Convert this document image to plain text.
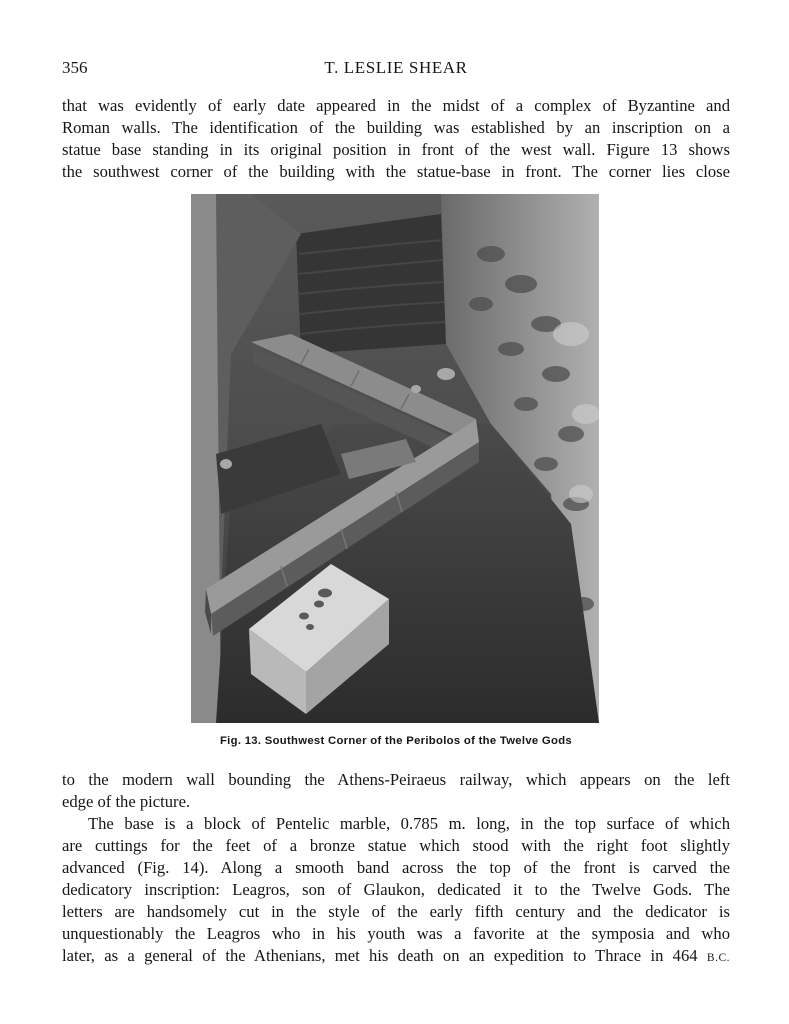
356	T. LESLIE SHEAR

that was evidently of early date appeared in the midst of a complex of Byzantine and
Roman walls. The identification of the building was established by an inscription on a
statue base standing in its original position in front of the west wall. Figure 13 shows
the southwest corner of the building with the statue-base in front. The corner lies close

Fig. 13. Southwest Corner of the Peribolos of the Twelve Gods

to the modern wall bounding the Athens-Peiraeus railway, which appears on the left
edge of the picture.

The base is a block of Pentelic marble, 0.785 m. long, in the top surface of which
are cuttings for the feet of a bronze statue which stood with the right foot slightly
advanced (Fig. 14). Along a smooth band across the top of the front is carved the
dedicatory inscription: Leagros, son of Glaukon, dedicated it to the Twelve Gods. The
letters are handsomely cut in the style of the early fifth century and the dedicator is
unquestionably the Leagros who in his youth was a favorite at the symposia and who
later, as a general of the Athenians, met his death on an expedition to Thrace in 464 B.C.
